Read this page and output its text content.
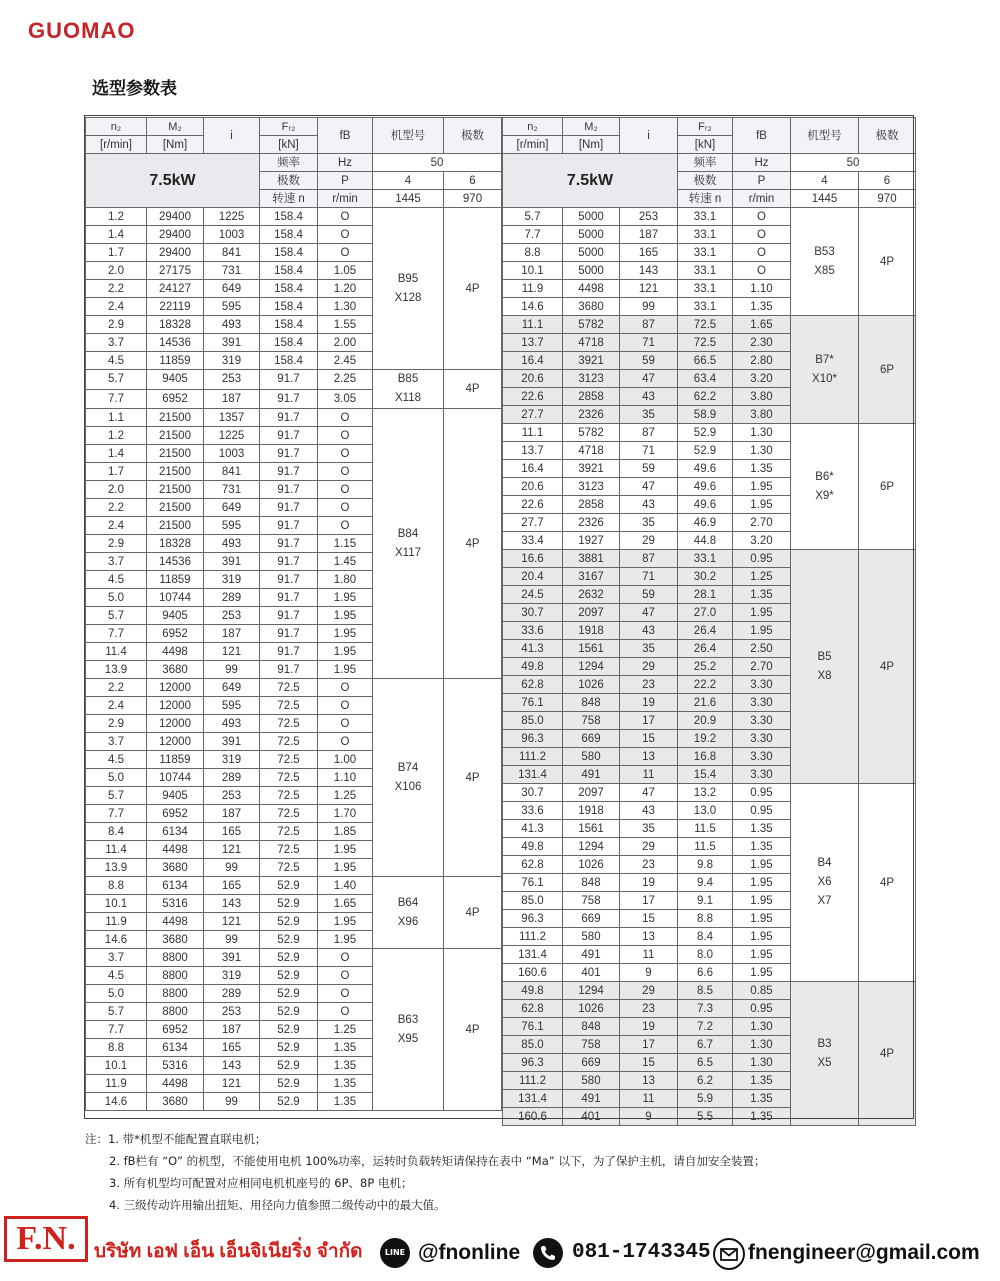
GUOMAO
选型参数表
n₂	M₂	i	Fᵣ₂	fB	机型号	极数
[r/min]	[Nm]		[kN]			
7.5kW			频率	Hz	50	
			极数	P	4	6
			转速 n	r/min	1445	970
1.2	29400	1225	158.4	O	B95
X128	4P
1.4	29400	1003	158.4	O		
1.7	29400	841	158.4	O		
2.0	27175	731	158.4	1.05		
2.2	24127	649	158.4	1.20		
2.4	22119	595	158.4	1.30		
2.9	18328	493	158.4	1.55		
3.7	14536	391	158.4	2.00		
4.5	11859	319	158.4	2.45		
5.7	9405	253	91.7	2.25	B85
X118	4P
7.7	6952	187	91.7	3.05		
1.1	21500	1357	91.7	O	B84
X117	4P
1.2	21500	1225	91.7	O		
1.4	21500	1003	91.7	O		
1.7	21500	841	91.7	O		
2.0	21500	731	91.7	O		
2.2	21500	649	91.7	O		
2.4	21500	595	91.7	O		
2.9	18328	493	91.7	1.15		
3.7	14536	391	91.7	1.45		
4.5	11859	319	91.7	1.80		
5.0	10744	289	91.7	1.95		
5.7	9405	253	91.7	1.95		
7.7	6952	187	91.7	1.95		
11.4	4498	121	91.7	1.95		
13.9	3680	99	91.7	1.95		
2.2	12000	649	72.5	O	B74
X106	4P
2.4	12000	595	72.5	O		
2.9	12000	493	72.5	O		
3.7	12000	391	72.5	O		
4.5	11859	319	72.5	1.00		
5.0	10744	289	72.5	1.10		
5.7	9405	253	72.5	1.25		
7.7	6952	187	72.5	1.70		
8.4	6134	165	72.5	1.85		
11.4	4498	121	72.5	1.95		
13.9	3680	99	72.5	1.95		
8.8	6134	165	52.9	1.40	B64
X96	4P
10.1	5316	143	52.9	1.65		
11.9	4498	121	52.9	1.95		
14.6	3680	99	52.9	1.95		
3.7	8800	391	52.9	O	B63
X95	4P
4.5	8800	319	52.9	O		
5.0	8800	289	52.9	O		
5.7	8800	253	52.9	O		
7.7	6952	187	52.9	1.25		
8.8	6134	165	52.9	1.35		
10.1	5316	143	52.9	1.35		
11.9	4498	121	52.9	1.35		
14.6	3680	99	52.9	1.35		
n₂	M₂	i	Fᵣ₂	fB	机型号	极数
[r/min]	[Nm]		[kN]			
7.5kW			频率	Hz	50	
			极数	P	4	6
			转速 n	r/min	1445	970
5.7	5000	253	33.1	O	B53
X85	4P
7.7	5000	187	33.1	O		
8.8	5000	165	33.1	O		
10.1	5000	143	33.1	O		
11.9	4498	121	33.1	1.10		
14.6	3680	99	33.1	1.35		
11.1	5782	87	72.5	1.65	B7*
X10*	6P
13.7	4718	71	72.5	2.30		
16.4	3921	59	66.5	2.80		
20.6	3123	47	63.4	3.20		
22.6	2858	43	62.2	3.80		
27.7	2326	35	58.9	3.80		
11.1	5782	87	52.9	1.30	B6*
X9*	6P
13.7	4718	71	52.9	1.30		
16.4	3921	59	49.6	1.35		
20.6	3123	47	49.6	1.95		
22.6	2858	43	49.6	1.95		
27.7	2326	35	46.9	2.70		
33.4	1927	29	44.8	3.20		
16.6	3881	87	33.1	0.95	B5
X8	4P
20.4	3167	71	30.2	1.25		
24.5	2632	59	28.1	1.35		
30.7	2097	47	27.0	1.95		
33.6	1918	43	26.4	1.95		
41.3	1561	35	26.4	2.50		
49.8	1294	29	25.2	2.70		
62.8	1026	23	22.2	3.30		
76.1	848	19	21.6	3.30		
85.0	758	17	20.9	3.30		
96.3	669	15	19.2	3.30		
111.2	580	13	16.8	3.30		
131.4	491	11	15.4	3.30		
30.7	2097	47	13.2	0.95	B4
X6
X7	4P
33.6	1918	43	13.0	0.95		
41.3	1561	35	11.5	1.35		
49.8	1294	29	11.5	1.35		
62.8	1026	23	9.8	1.95		
76.1	848	19	9.4	1.95		
85.0	758	17	9.1	1.95		
96.3	669	15	8.8	1.95		
111.2	580	13	8.4	1.95		
131.4	491	11	8.0	1.95		
160.6	401	9	6.6	1.95		
49.8	1294	29	8.5	0.85	B3
X5	4P
62.8	1026	23	7.3	0.95		
76.1	848	19	7.2	1.30		
85.0	758	17	6.7	1.30		
96.3	669	15	6.5	1.30		
111.2	580	13	6.2	1.35		
131.4	491	11	5.9	1.35		
160.6	401	9	5.5	1.35		
注：1. 带*机型不能配置直联电机；
2. fB栏有 “O” 的机型，不能使用电机 100%功率，运转时负载转矩请保持在表中 “Ma” 以下，为了保护主机，请自加安全装置；
3. 所有机型均可配置对应相同电机机座号的 6P、8P 电机；
4. 三级传动许用输出扭矩、用径向力值参照二级传动中的最大值。
F.N. บริษัท เอฟ เอ็น เอ็นจิเนียริ่ง จำกัด	LINE @fnonline 081-1743345 fnengineer@gmail.com
